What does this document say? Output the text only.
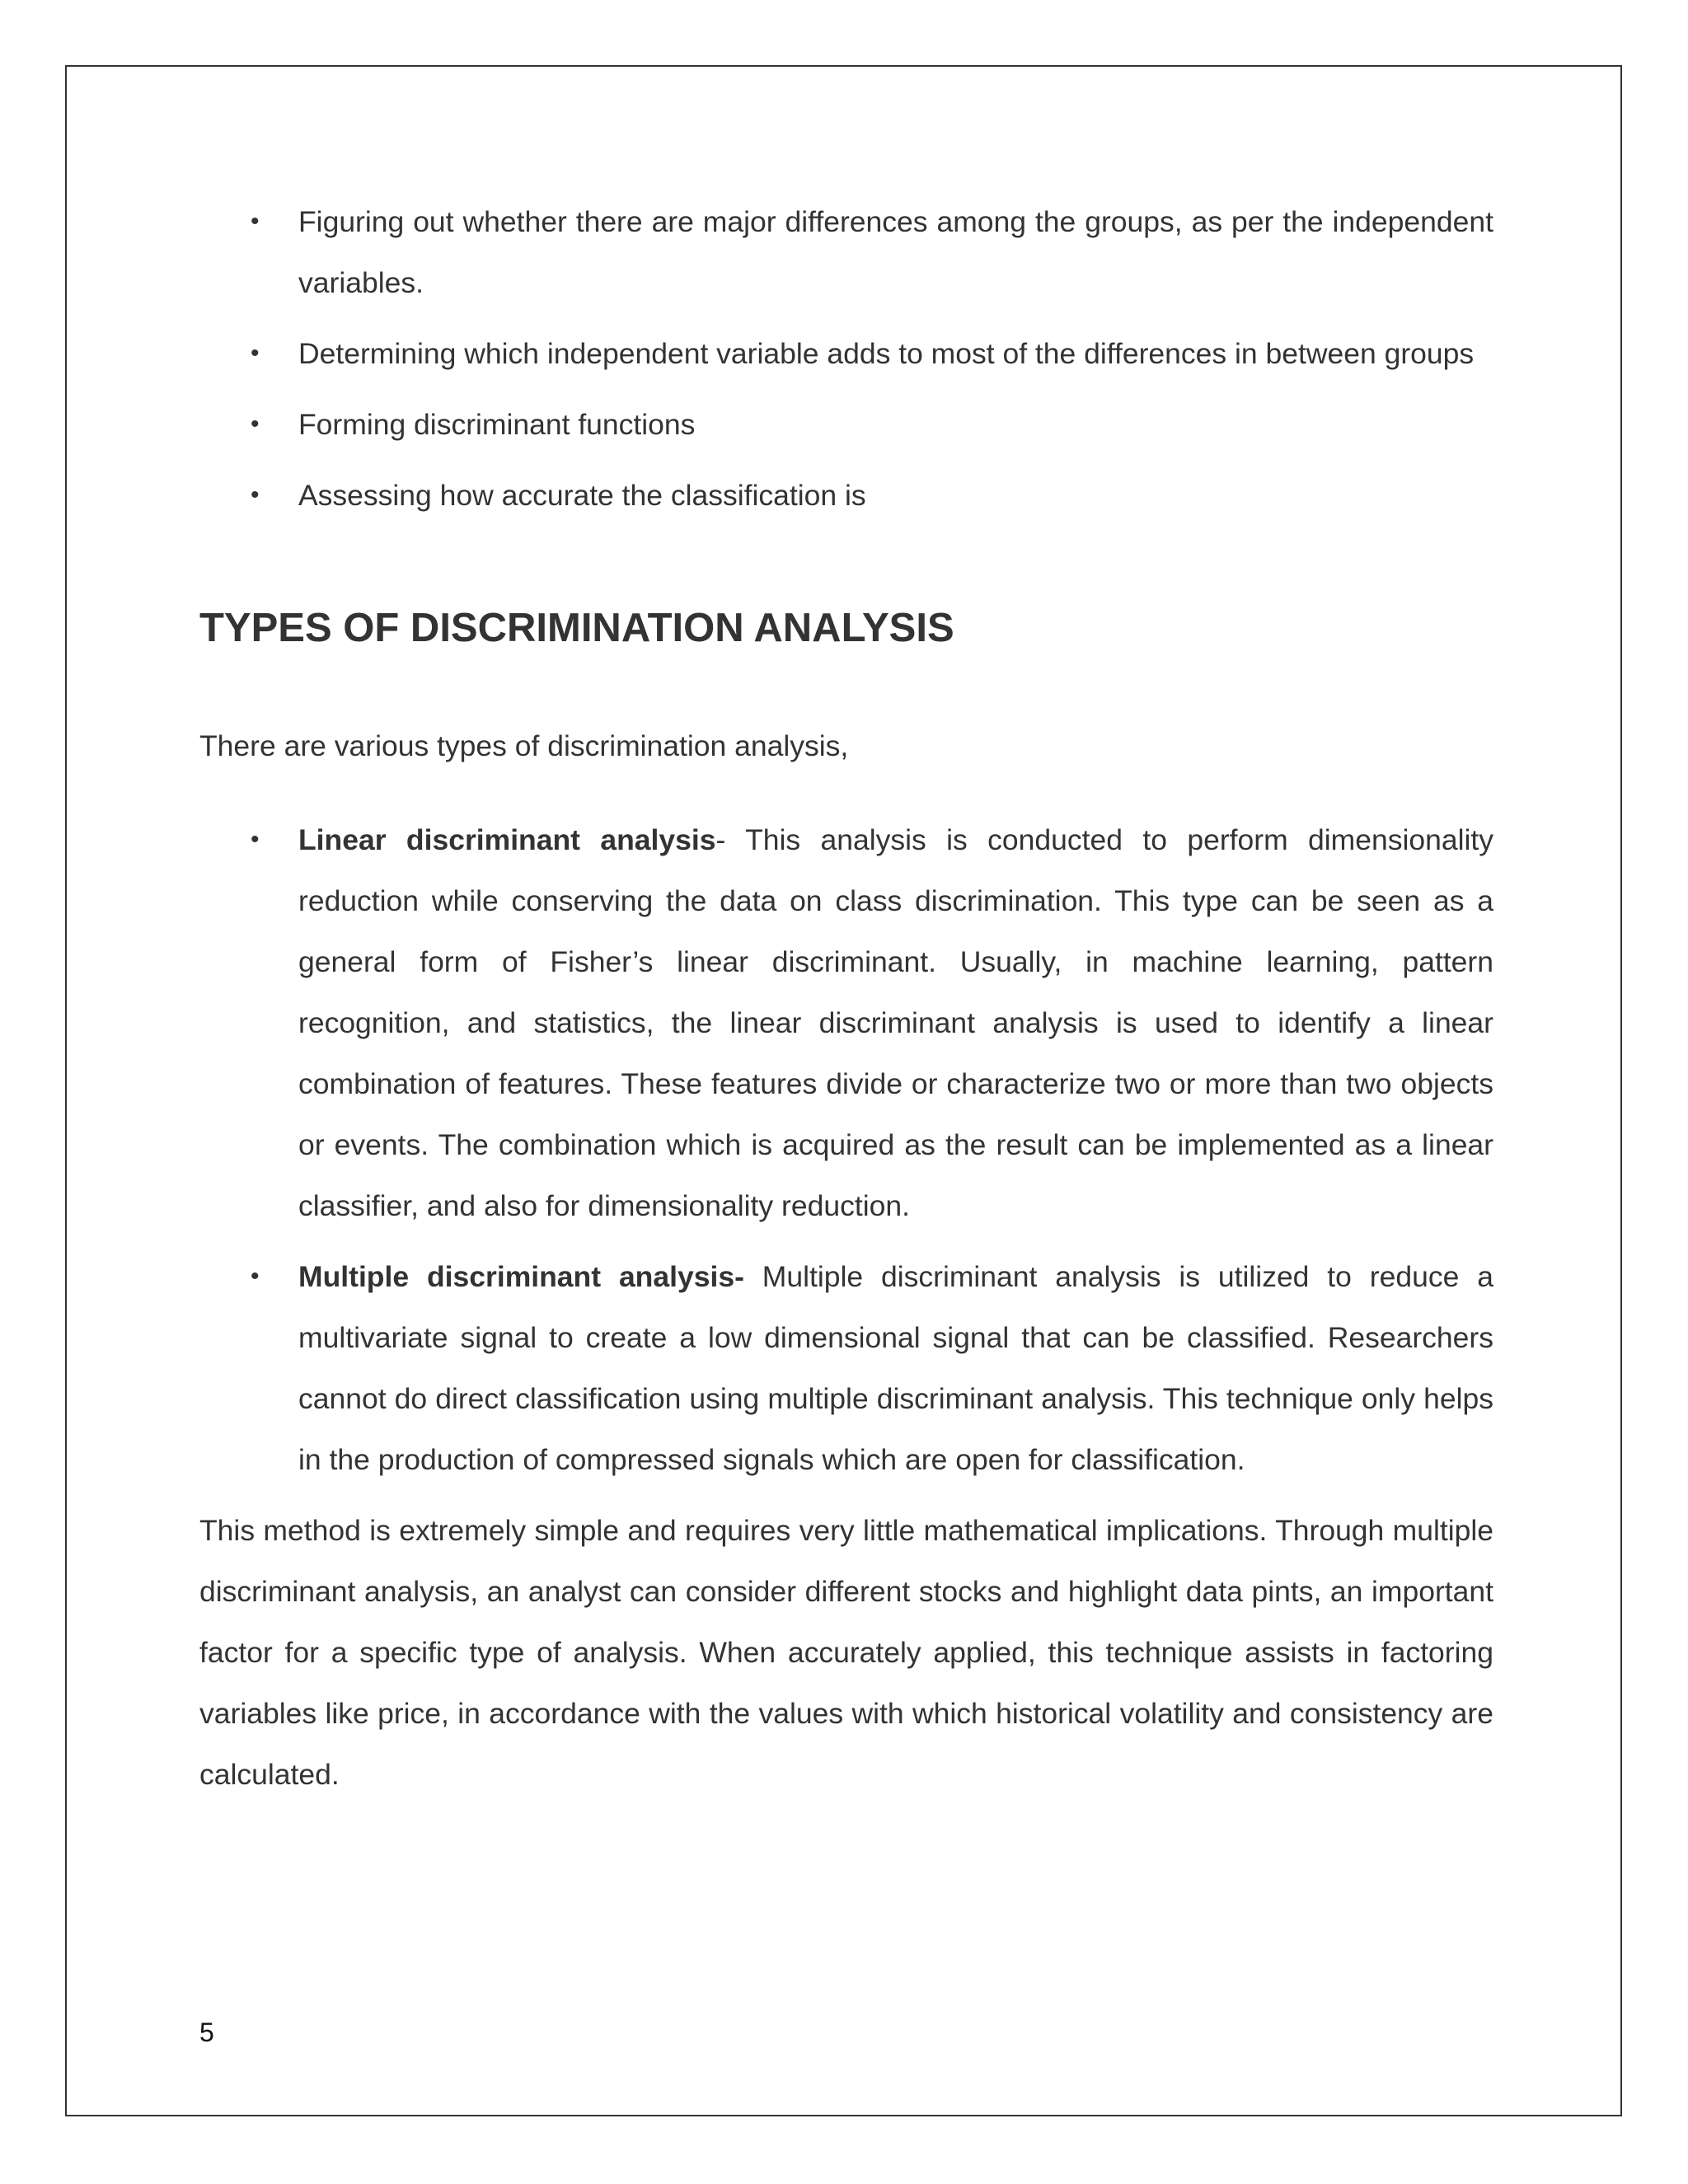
• Figuring out whether there are major differences among the groups, as per the independent variables.

• Determining which independent variable adds to most of the differences in between groups

• Forming discriminant functions

• Assessing how accurate the classification is

TYPES OF DISCRIMINATION ANALYSIS

There are various types of discrimination analysis,

• Linear discriminant analysis- This analysis is conducted to perform dimensionality reduction while conserving the data on class discrimination. This type can be seen as a general form of Fisher’s linear discriminant. Usually, in machine learning, pattern recognition, and statistics, the linear discriminant analysis is used to identify a linear combination of features. These features divide or characterize two or more than two objects or events. The combination which is acquired as the result can be implemented as a linear classifier, and also for dimensionality reduction.

• Multiple discriminant analysis- Multiple discriminant analysis is utilized to reduce a multivariate signal to create a low dimensional signal that can be classified. Researchers cannot do direct classification using multiple discriminant analysis. This technique only helps in the production of compressed signals which are open for classification.

This method is extremely simple and requires very little mathematical implications. Through multiple discriminant analysis, an analyst can consider different stocks and highlight data pints, an important factor for a specific type of analysis. When accurately applied, this technique assists in factoring variables like price, in accordance with the values with which historical volatility and consistency are calculated.

5
